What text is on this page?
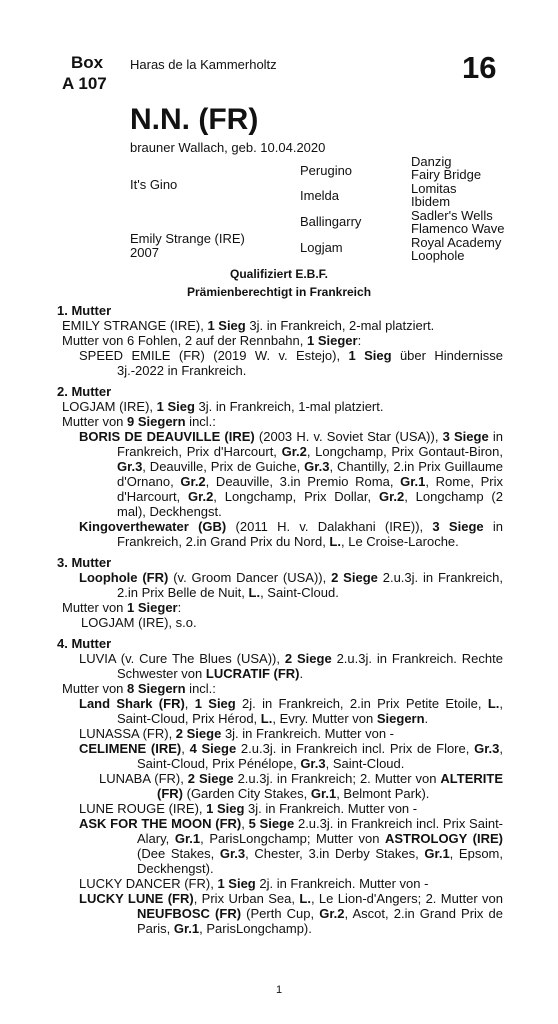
Box
A 107
Haras de la Kammerholtz	16
N.N. (FR)
brauner Wallach, geb. 10.04.2020
It's Gino
Emily Strange (IRE)
2007
Perugino
Imelda
Ballingarry
Logjam
Danzig
Fairy Bridge
Lomitas
Ibidem
Sadler's Wells
Flamenco Wave
Royal Academy
Loophole
Qualifiziert E.B.F.
Prämienberechtigt in Frankreich
1. Mutter
EMILY STRANGE (IRE), 1 Sieg 3j. in Frankreich, 2-mal platziert.
Mutter von 6 Fohlen, 2 auf der Rennbahn, 1 Sieger:
SPEED EMILE (FR) (2019 W. v. Estejo), 1 Sieg über Hindernisse 3j.-2022 in Frankreich.
2. Mutter
LOGJAM (IRE), 1 Sieg 3j. in Frankreich, 1-mal platziert.
Mutter von 9 Siegern incl.:
BORIS DE DEAUVILLE (IRE) (2003 H. v. Soviet Star (USA)), 3 Siege in Frankreich, Prix d'Harcourt, Gr.2, Longchamp, Prix Gontaut-Biron, Gr.3, Deauville, Prix de Guiche, Gr.3, Chantilly, 2.in Prix Guillaume d'Ornano, Gr.2, Deauville, 3.in Premio Roma, Gr.1, Rome, Prix d'Harcourt, Gr.2, Longchamp, Prix Dollar, Gr.2, Longchamp (2 mal), Deckhengst.
Kingoverthewater (GB) (2011 H. v. Dalakhani (IRE)), 3 Siege in Frankreich, 2.in Grand Prix du Nord, L., Le Croise-Laroche.
3. Mutter
Loophole (FR) (v. Groom Dancer (USA)), 2 Siege 2.u.3j. in Frankreich, 2.in Prix Belle de Nuit, L., Saint-Cloud.
Mutter von 1 Sieger:
LOGJAM (IRE), s.o.
4. Mutter
LUVIA (v. Cure The Blues (USA)), 2 Siege 2.u.3j. in Frankreich. Rechte Schwester von LUCRATIF (FR).
Mutter von 8 Siegern incl.:
Land Shark (FR), 1 Sieg 2j. in Frankreich, 2.in Prix Petite Etoile, L., Saint-Cloud, Prix Hérod, L., Evry. Mutter von Siegern.
LUNASSA (FR), 2 Siege 3j. in Frankreich. Mutter von -
CELIMENE (IRE), 4 Siege 2.u.3j. in Frankreich incl. Prix de Flore, Gr.3, Saint-Cloud, Prix Pénélope, Gr.3, Saint-Cloud.
LUNABA (FR), 2 Siege 2.u.3j. in Frankreich; 2. Mutter von ALTERITE (FR) (Garden City Stakes, Gr.1, Belmont Park).
LUNE ROUGE (IRE), 1 Sieg 3j. in Frankreich. Mutter von -
ASK FOR THE MOON (FR), 5 Siege 2.u.3j. in Frankreich incl. Prix Saint-Alary, Gr.1, ParisLongchamp; Mutter von ASTROLOGY (IRE) (Dee Stakes, Gr.3, Chester, 3.in Derby Stakes, Gr.1, Epsom, Deckhengst).
LUCKY DANCER (FR), 1 Sieg 2j. in Frankreich. Mutter von -
LUCKY LUNE (FR), Prix Urban Sea, L., Le Lion-d'Angers; 2. Mutter von NEUFBOSC (FR) (Perth Cup, Gr.2, Ascot, 2.in Grand Prix de Paris, Gr.1, ParisLongchamp).
1
